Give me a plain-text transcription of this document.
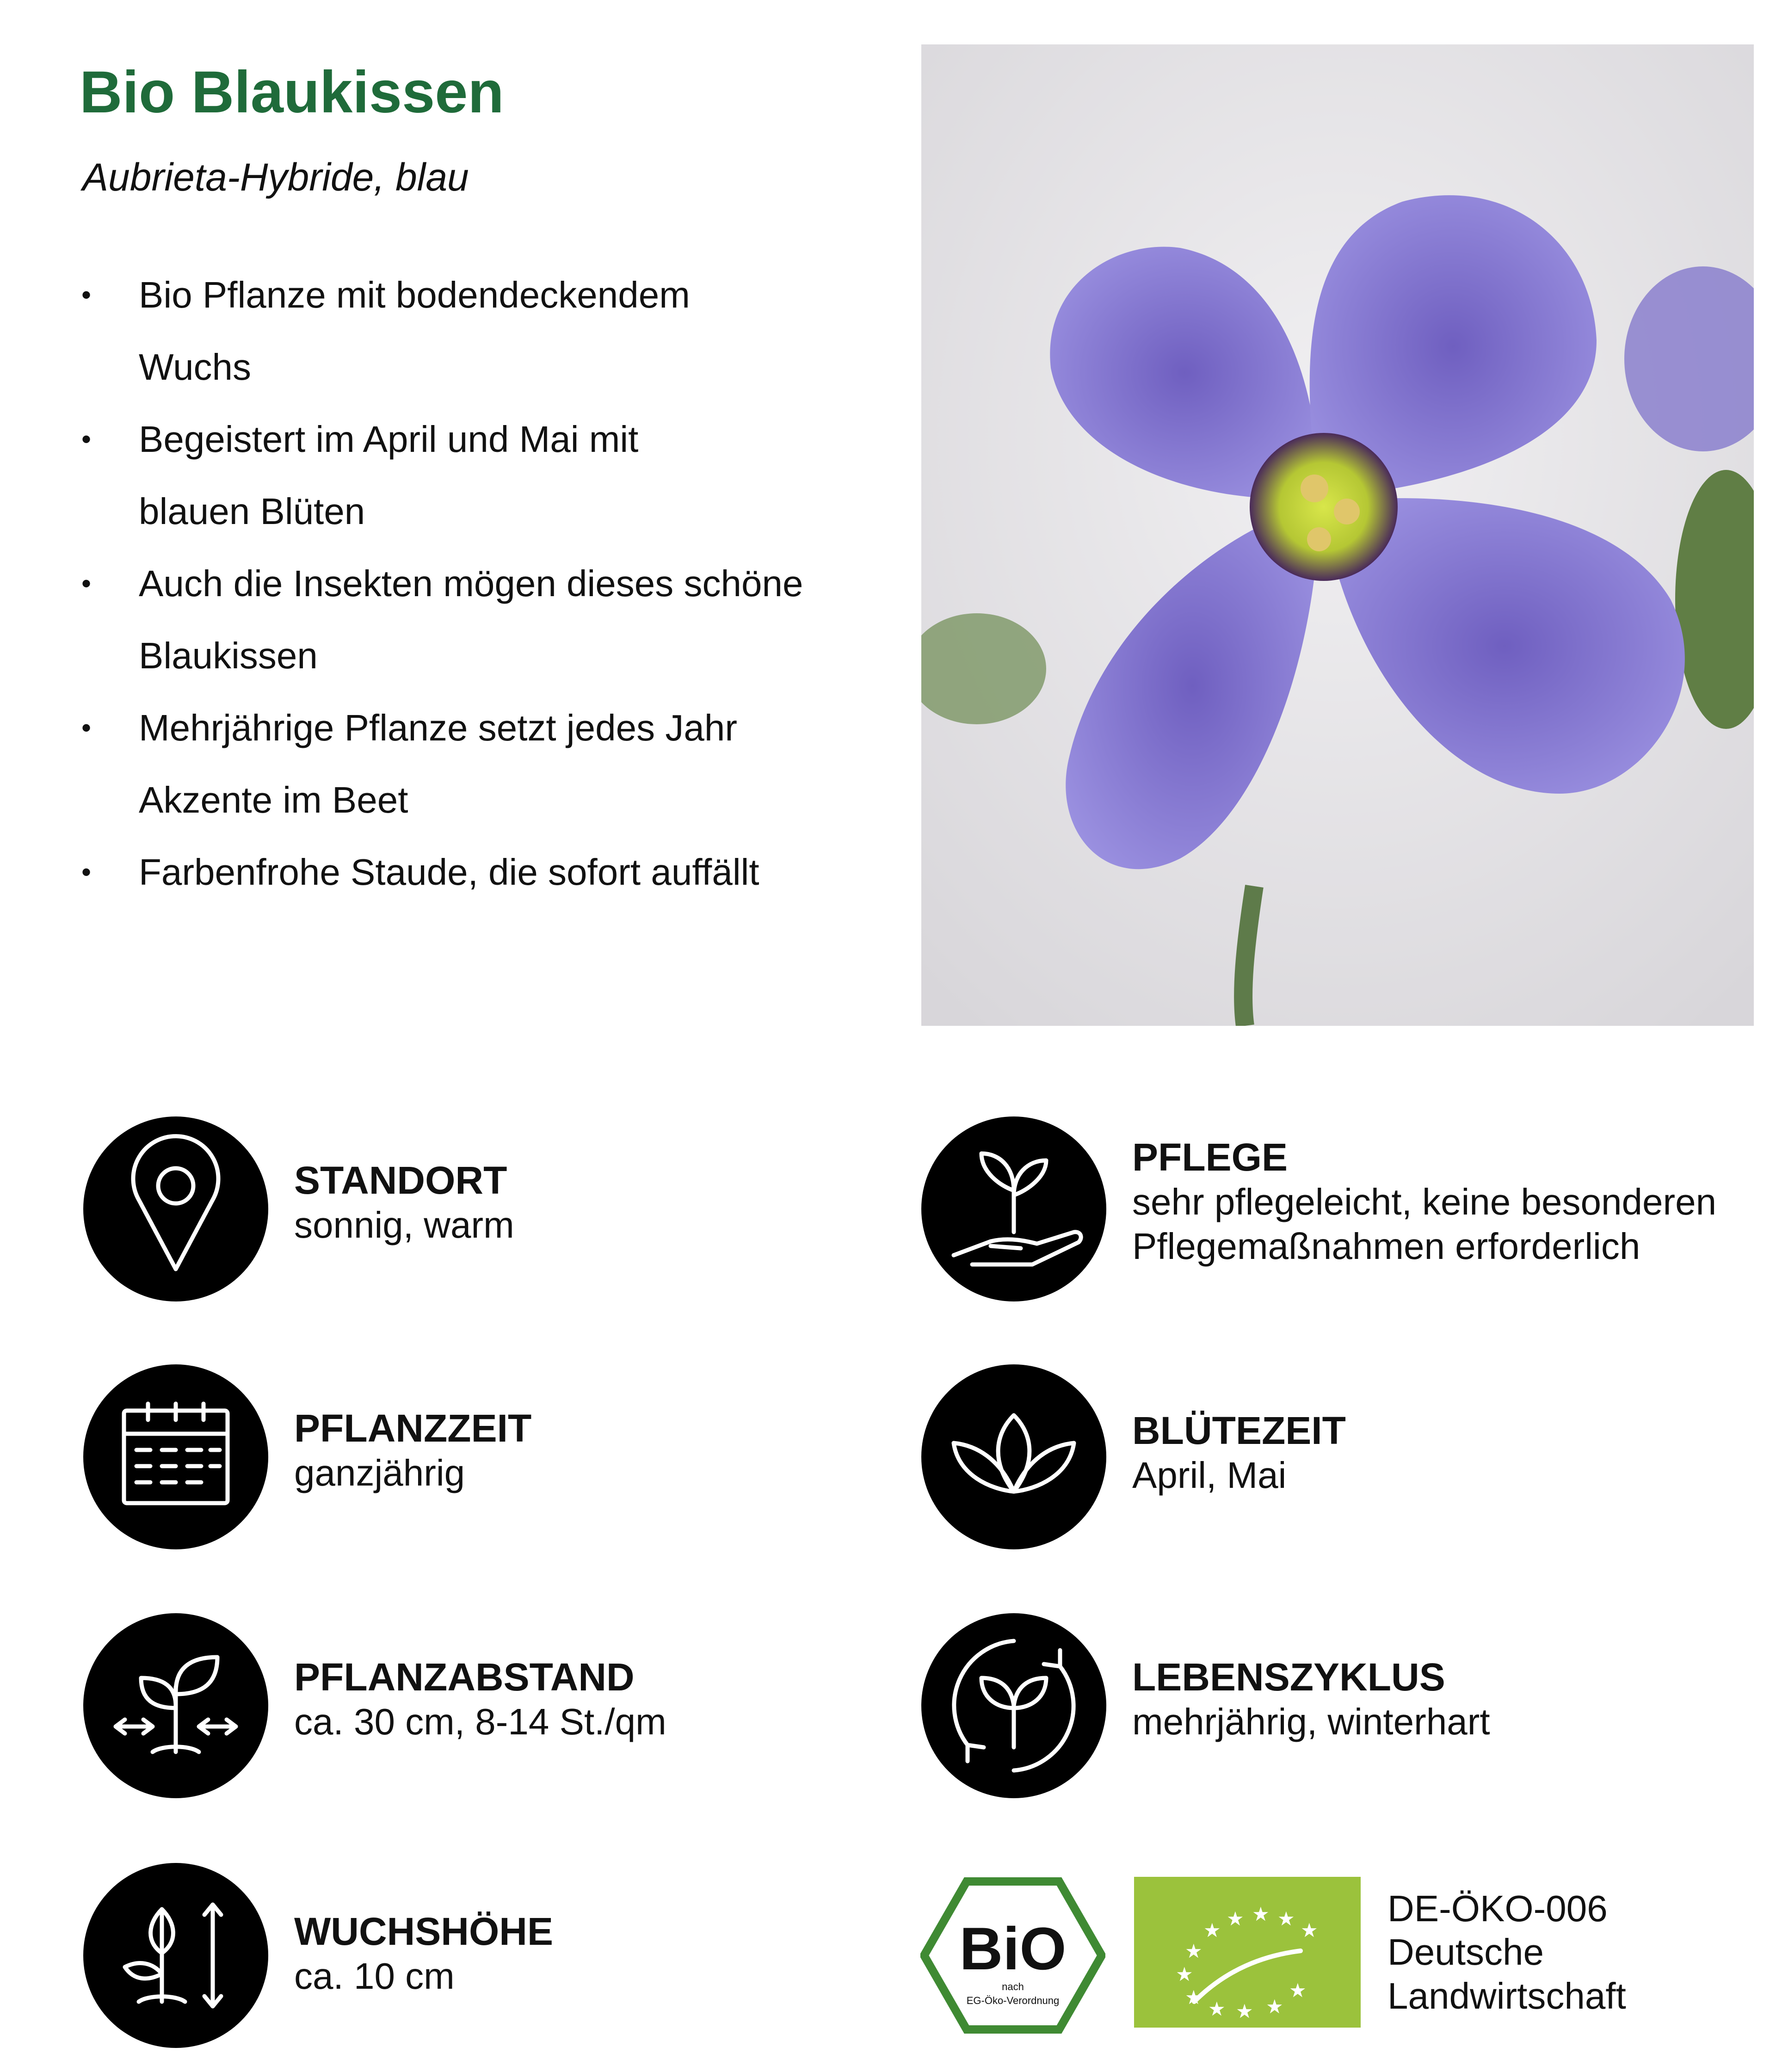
Bio Blaukissen

Aubrieta-Hybride, blau

• Bio Pflanze mit bodendeckendem
Wuchs
• Begeistert im April und Mai mit
blauen Blüten
• Auch die Insekten mögen dieses schöne
Blaukissen
• Mehrjährige Pflanze setzt jedes Jahr
Akzente im Beet
• Farbenfrohe Staude, die sofort auffällt
STANDORT
sonnig, warm
PFLEGE
sehr pflegeleicht, keine besonderen
Pflegemaßnahmen erforderlich
PFLANZZEIT
ganzjährig
BLÜTEZEIT
April, Mai
PFLANZABSTAND
ca. 30 cm, 8-14 St./qm
LEBENSZYKLUS
mehrjährig, winterhart
WUCHSHÖHE
ca. 10 cm	BiO
nach
EG-Öko-Verordnung
★
★ ★ ★
★
★
★
★
★ ★ ★
★
DE-ÖKO-006
Deutsche
Landwirtschaft
